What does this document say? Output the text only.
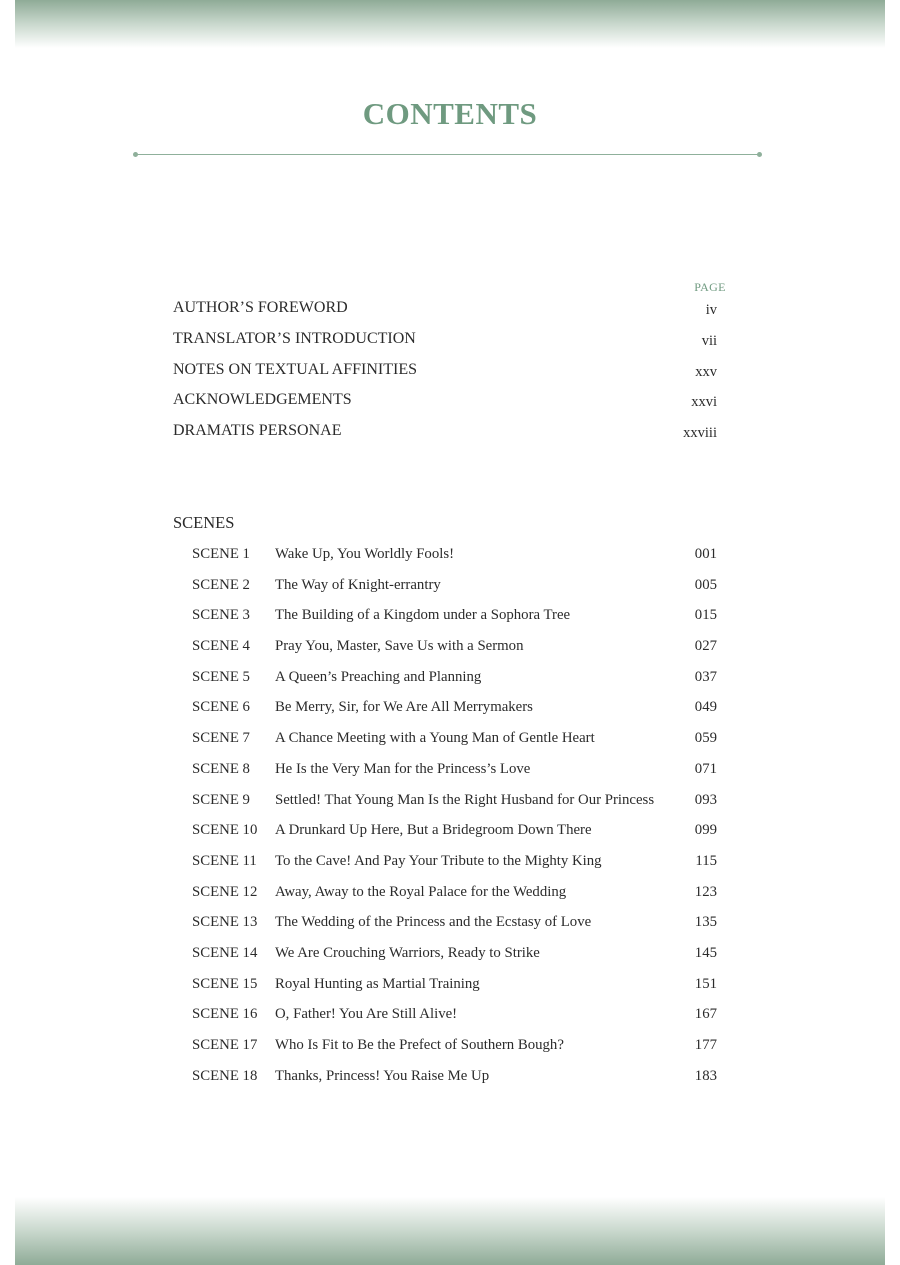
CONTENTS
PAGE
AUTHOR’S FOREWORD	iv
TRANSLATOR’S INTRODUCTION	vii
NOTES ON TEXTUAL AFFINITIES	xxv
ACKNOWLEDGEMENTS	xxvi
DRAMATIS PERSONAE	xxviii
SCENES
SCENE 1 Wake Up, You Worldly Fools!	001
SCENE 2 The Way of Knight-errantry	005
SCENE 3 The Building of a Kingdom under a Sophora Tree	015
SCENE 4 Pray You, Master, Save Us with a Sermon	027
SCENE 5 A Queen’s Preaching and Planning	037
SCENE 6 Be Merry, Sir, for We Are All Merrymakers	049
SCENE 7 A Chance Meeting with a Young Man of Gentle Heart	059
SCENE 8 He Is the Very Man for the Princess’s Love	071
SCENE 9 Settled! That Young Man Is the Right Husband for Our Princess	093
SCENE 10 A Drunkard Up Here, But a Bridegroom Down There	099
SCENE 11 To the Cave! And Pay Your Tribute to the Mighty King	115
SCENE 12 Away, Away to the Royal Palace for the Wedding	123
SCENE 13 The Wedding of the Princess and the Ecstasy of Love	135
SCENE 14 We Are Crouching Warriors, Ready to Strike	145
SCENE 15 Royal Hunting as Martial Training	151
SCENE 16 O, Father! You Are Still Alive!	167
SCENE 17 Who Is Fit to Be the Prefect of Southern Bough?	177
SCENE 18 Thanks, Princess! You Raise Me Up	183
